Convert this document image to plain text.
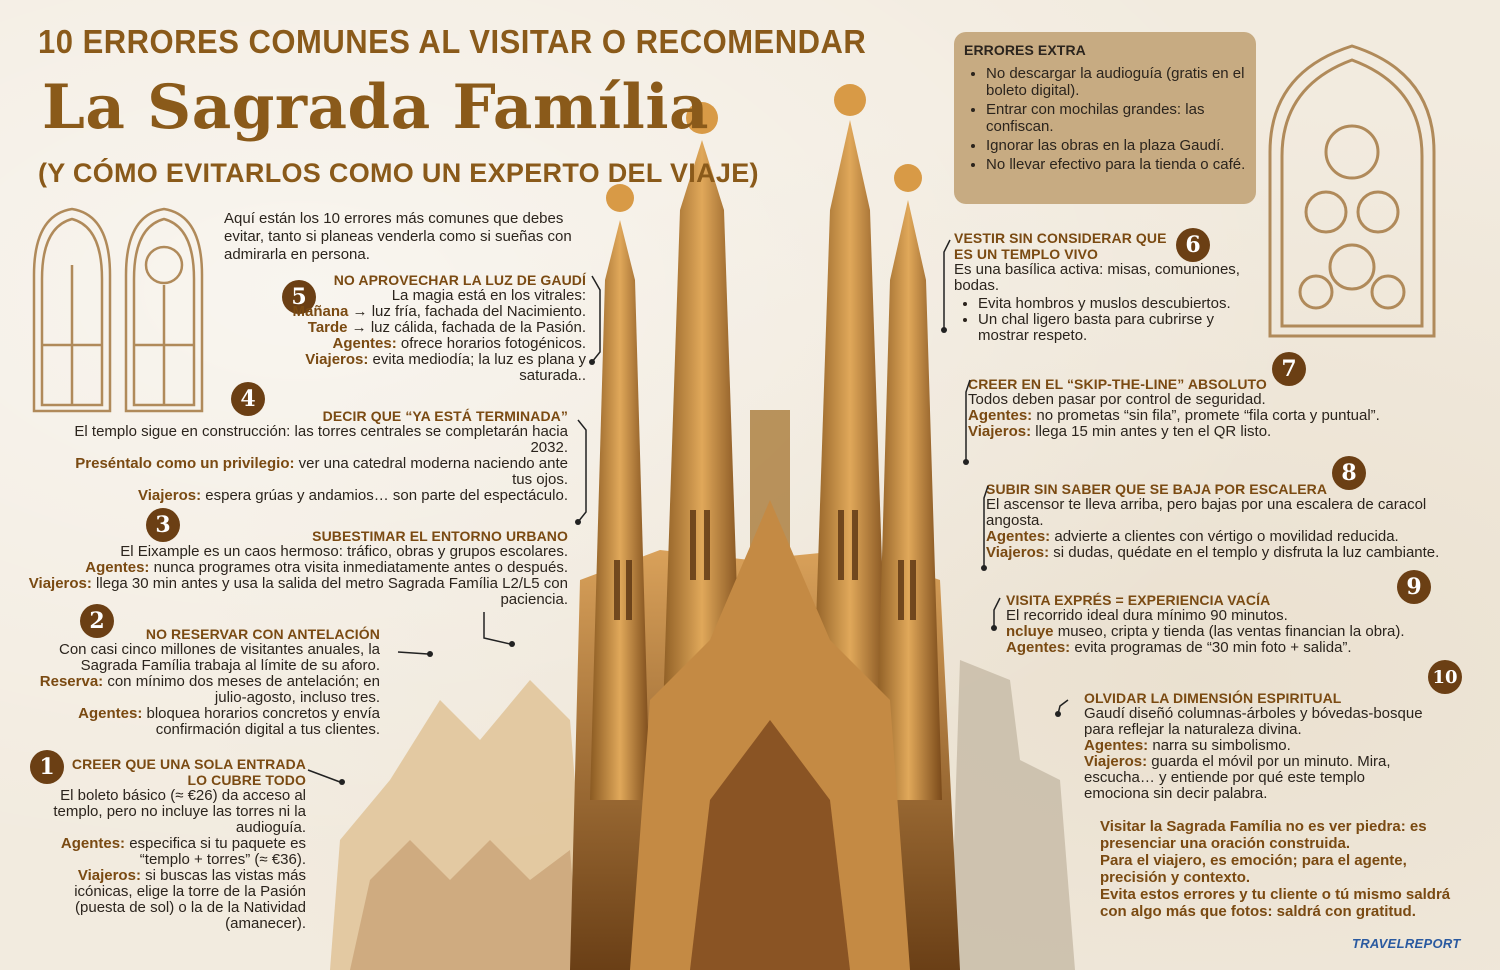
10 ERRORES COMUNES AL VISITAR O RECOMENDAR
La Sagrada Família
(Y CÓMO EVITARLOS COMO UN EXPERTO DEL VIAJE)
Aquí están los 10 errores más comunes que debes evitar, tanto si planeas venderla como si sueñas con admirarla en persona.
ERRORES EXTRA
• No descargar la audioguía (gratis en el boleto digital).
• Entrar con mochilas grandes: las confiscan.
• Ignorar las obras en la plaza Gaudí.
• No llevar efectivo para la tienda o café.
5

NO APROVECHAR LA LUZ DE GAUDÍ

La magia está en los vitrales:

Mañana → luz fría, fachada del Nacimiento.

Tarde → luz cálida, fachada de la Pasión.

Agentes: ofrece horarios fotogénicos.

Viajeros: evita mediodía; la luz es plana y saturada..

4

DECIR QUE “YA ESTÁ TERMINADA”

El templo sigue en construcción: las torres centrales se completarán hacia 2032.

Preséntalo como un privilegio: ver una catedral moderna naciendo ante tus ojos.

Viajeros: espera grúas y andamios… son parte del espectáculo.

3	SUBESTIMAR EL ENTORNO URBANO

El Eixample es un caos hermoso: tráfico, obras y grupos escolares.

Agentes: nunca programes otra visita inmediatamente antes o después.

Viajeros: llega 30 min antes y usa la salida del metro Sagrada Família L2/L5 con paciencia.

2	NO RESERVAR CON ANTELACIÓN

Con casi cinco millones de visitantes anuales, la Sagrada Família trabaja al límite de su aforo.

Reserva: con mínimo dos meses de antelación; en julio-agosto, incluso tres.

Agentes: bloquea horarios concretos y envía confirmación digital a tus clientes.

1	CREER QUE UNA SOLA ENTRADA

LO CUBRE TODO

El boleto básico (≈ €26) da acceso al templo, pero no incluye las torres ni la audioguía.

Agentes: especifica si tu paquete es “templo + torres” (≈ €36).

Viajeros: si buscas las vistas más icónicas, elige la torre de la Pasión (puesta de sol) o la de la Natividad (amanecer).

6

VESTIR SIN CONSIDERAR QUE

ES UN TEMPLO VIVO

Es una basílica activa: misas, comuniones, bodas.

• Evita hombros y muslos descubiertos.
• Un chal ligero basta para cubrirse y mostrar respeto.
7

CREER EN EL “SKIP-THE-LINE” ABSOLUTO

Todos deben pasar por control de seguridad.

Agentes: no prometas “sin fila”, promete “fila corta y puntual”.

Viajeros: llega 15 min antes y ten el QR listo.

8

SUBIR SIN SABER QUE SE BAJA POR ESCALERA

El ascensor te lleva arriba, pero bajas por una escalera de caracol angosta.

Agentes: advierte a clientes con vértigo o movilidad reducida.

Viajeros: si dudas, quédate en el templo y disfruta la luz cambiante.

9

VISITA EXPRÉS = EXPERIENCIA VACÍA

El recorrido ideal dura mínimo 90 minutos.

ncluye museo, cripta y tienda (las ventas financian la obra).

Agentes: evita programas de “30 min foto + salida”.

10

OLVIDAR LA DIMENSIÓN ESPIRITUAL

Gaudí diseñó columnas-árboles y bóvedas-bosque para reflejar la naturaleza divina.

Agentes: narra su simbolismo.

Viajeros: guarda el móvil por un minuto. Mira, escucha… y entiende por qué este templo emociona sin decir palabra.

Visitar la Sagrada Família no es ver piedra: es presenciar una oración construida.

Para el viajero, es emoción; para el agente, precisión y contexto.

Evita estos errores y tu cliente o tú mismo saldrá con algo más que fotos: saldrá con gratitud.

TRAVELREPORT
